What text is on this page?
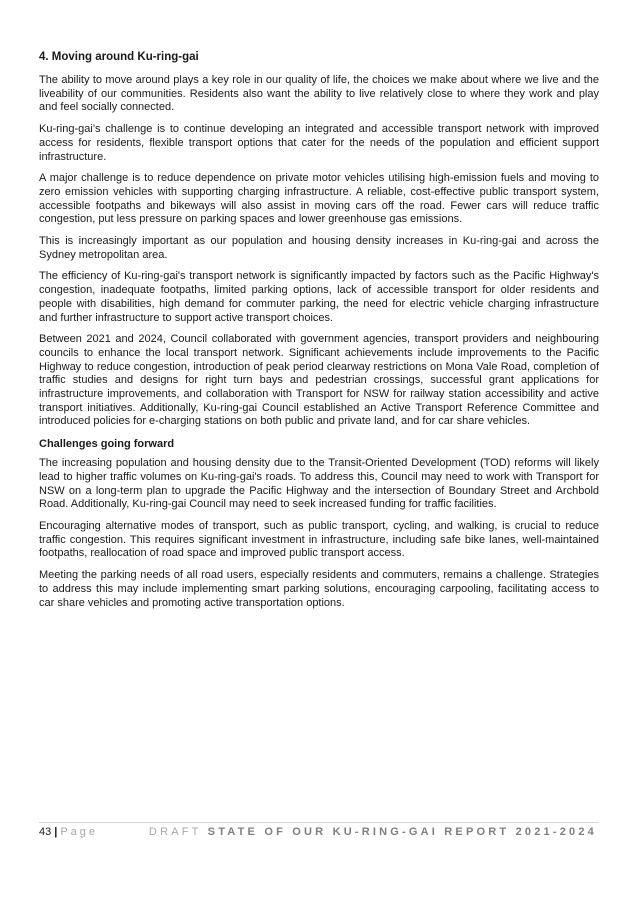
4. Moving around Ku-ring-gai

The ability to move around plays a key role in our quality of life, the choices we make about where we live and the liveability of our communities. Residents also want the ability to live relatively close to where they work and play and feel socially connected.

Ku-ring-gai’s challenge is to continue developing an integrated and accessible transport network with improved access for residents, flexible transport options that cater for the needs of the population and efficient support infrastructure.

A major challenge is to reduce dependence on private motor vehicles utilising high-emission fuels and moving to zero emission vehicles with supporting charging infrastructure. A reliable, cost-effective public transport system, accessible footpaths and bikeways will also assist in moving cars off the road. Fewer cars will reduce traffic congestion, put less pressure on parking spaces and lower greenhouse gas emissions.

This is increasingly important as our population and housing density increases in Ku-ring-gai and across the Sydney metropolitan area.

The efficiency of Ku-ring-gai's transport network is significantly impacted by factors such as the Pacific Highway's congestion, inadequate footpaths, limited parking options, lack of accessible transport for older residents and people with disabilities, high demand for commuter parking, the need for electric vehicle charging infrastructure and further infrastructure to support active transport choices.

Between 2021 and 2024, Council collaborated with government agencies, transport providers and neighbouring councils to enhance the local transport network. Significant achievements include improvements to the Pacific Highway to reduce congestion, introduction of peak period clearway restrictions on Mona Vale Road, completion of traffic studies and designs for right turn bays and pedestrian crossings, successful grant applications for infrastructure improvements, and collaboration with Transport for NSW for railway station accessibility and active transport initiatives. Additionally, Ku-ring-gai Council established an Active Transport Reference Committee and introduced policies for e-charging stations on both public and private land, and for car share vehicles.

Challenges going forward

The increasing population and housing density due to the Transit-Oriented Development (TOD) reforms will likely lead to higher traffic volumes on Ku-ring-gai's roads. To address this, Council may need to work with Transport for NSW on a long-term plan to upgrade the Pacific Highway and the intersection of Boundary Street and Archbold Road. Additionally, Ku-ring-gai Council may need to seek increased funding for traffic facilities.

Encouraging alternative modes of transport, such as public transport, cycling, and walking, is crucial to reduce traffic congestion. This requires significant investment in infrastructure, including safe bike lanes, well-maintained footpaths, reallocation of road space and improved public transport access.

Meeting the parking needs of all road users, especially residents and commuters, remains a challenge. Strategies to address this may include implementing smart parking solutions, encouraging carpooling, facilitating access to car share vehicles and promoting active transportation options.

43 | Page	DRAFT STATE OF OUR KU-RING-GAI REPORT 2021-2024
